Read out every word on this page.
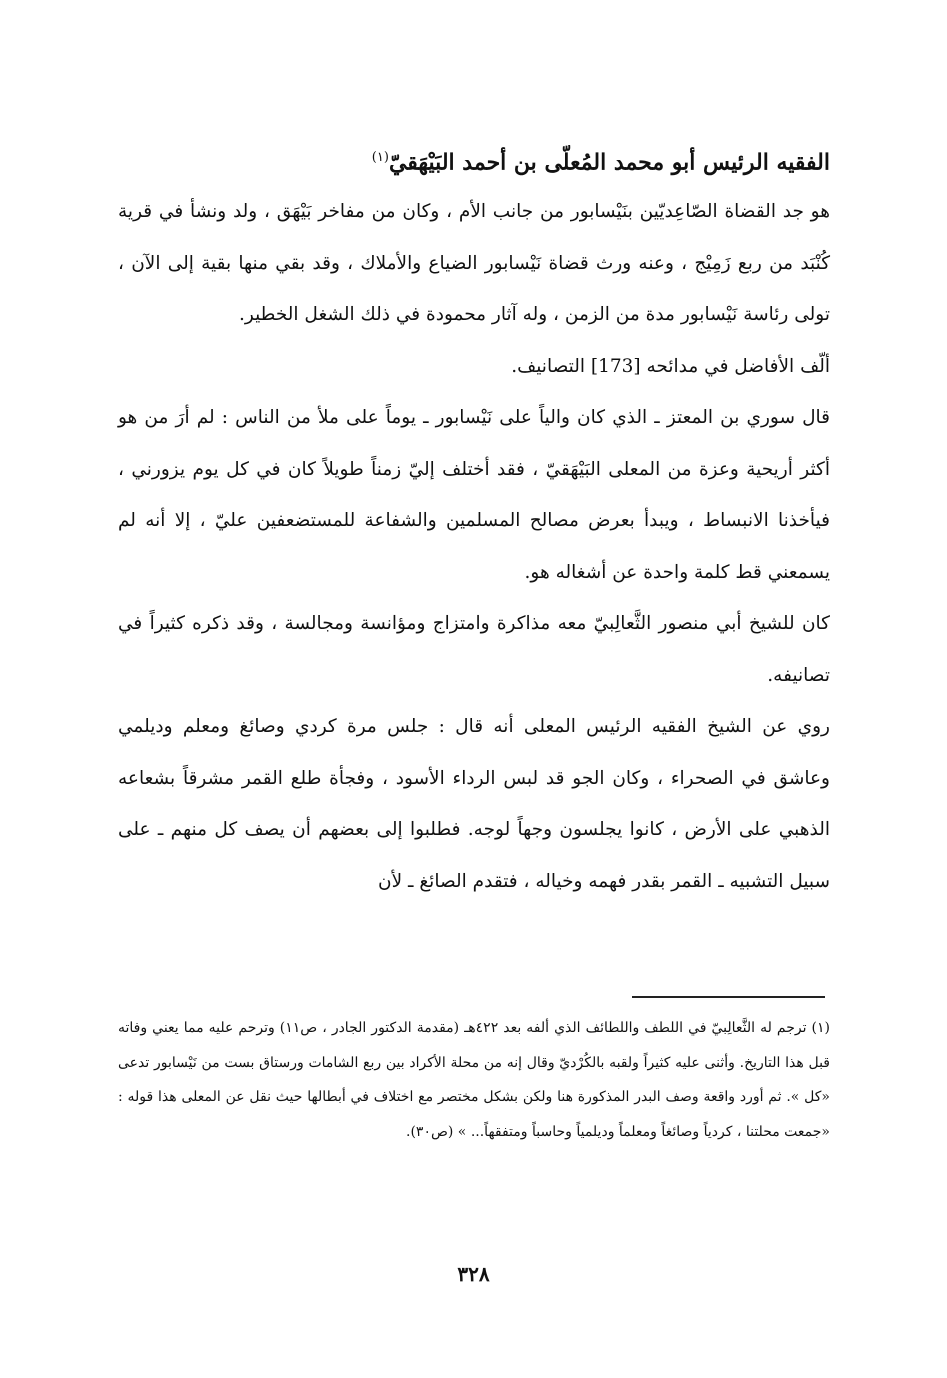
الفقيه الرئيس أبو محمد المُعلّى بن أحمد البَيْهَقيّ$^{(١)}$

هو جد القضاة الصّاعِديّين بنَيْسابور من جانب الأم ، وكان من مفاخر بَيْهَق ، ولد ونشأ في قرية كُنْبَد من ربع زَمِيْج ، وعنه ورث قضاة نَيْسابور الضياع والأملاك ، وقد بقي منها بقية إلى الآن ، تولى رئاسة نَيْسابور مدة من الزمن ، وله آثار محمودة في ذلك الشغل الخطير.

ألّف الأفاضل في مدائحه [173] التصانيف.

قال سوري بن المعتز ـ الذي كان والياً على نَيْسابور ـ يوماً على ملأ من الناس : لم أرَ من هو أكثر أريحية وعزة من المعلى البَيْهَقيّ ، فقد أختلف إليّ زمناً طويلاً كان في كل يوم يزورني ، فيأخذنا الانبساط ، ويبدأ بعرض مصالح المسلمين والشفاعة للمستضعفين عليّ ، إلا أنه لم يسمعني قط كلمة واحدة عن أشغاله هو.

كان للشيخ أبي منصور الثَّعالِبيّ معه مذاكرة وامتزاج ومؤانسة ومجالسة ، وقد ذكره كثيراً في تصانيفه.

روي عن الشيخ الفقيه الرئيس المعلى أنه قال : جلس مرة كردي وصائغ ومعلم وديلمي وعاشق في الصحراء ، وكان الجو قد لبس الرداء الأسود ، وفجأة طلع القمر مشرقاً بشعاعه الذهبي على الأرض ، كانوا يجلسون وجهاً لوجه. فطلبوا إلى بعضهم أن يصف كل منهم ـ على سبيل التشبيه ـ القمر بقدر فهمه وخياله ، فتقدم الصائغ ـ لأن

(١) ترجم له الثَّعالِبيّ في اللطف واللطائف الذي ألفه بعد ٤٢٢هـ (مقدمة الدكتور الجادر ، ص١١) وترحم عليه مما يعني وفاته قبل هذا التاريخ. وأثنى عليه كثيراً ولقبه بالكُرْديّ وقال إنه من محلة الأكراد بين ربع الشامات ورستاق بست من نَيْسابور تدعى «كل ». ثم أورد واقعة وصف البدر المذكورة هنا ولكن بشكل مختصر مع اختلاف في أبطالها حيث نقل عن المعلى هذا قوله : «جمعت محلتنا ، كردياً وصائغاً ومعلماً وديلمياً وحاسباً ومتفقهاً... » (ص٣٠).

٣٢٨
